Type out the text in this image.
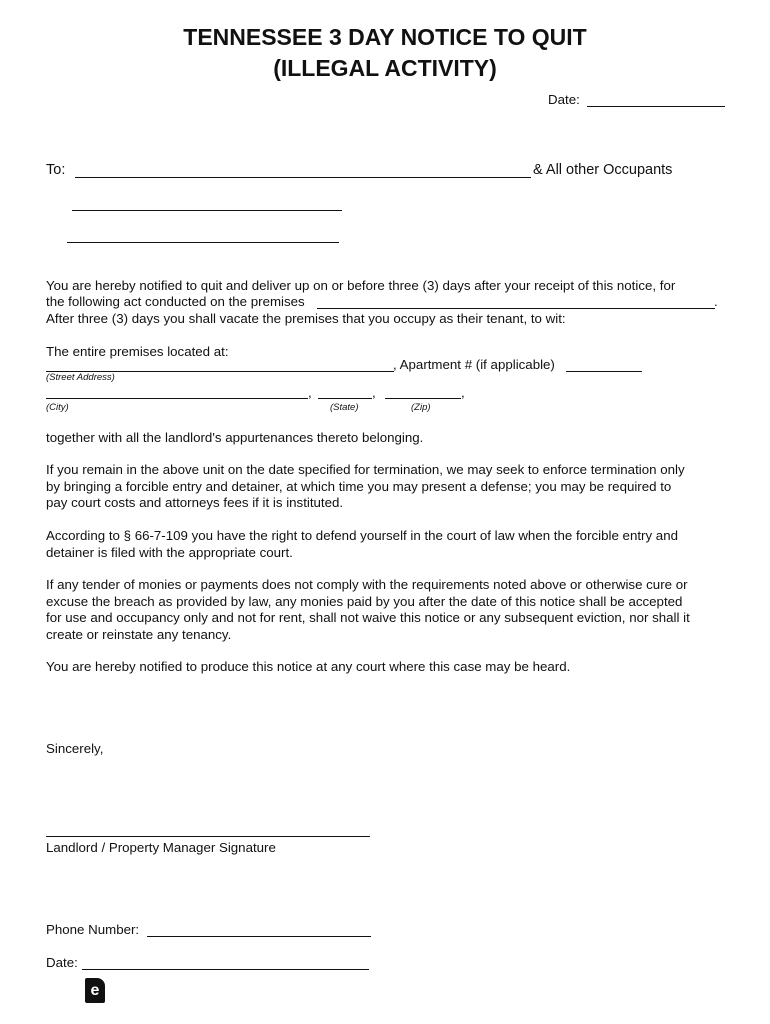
TENNESSEE 3 DAY NOTICE TO QUIT
(ILLEGAL ACTIVITY)
Date:
To:	& All other Occupants
You are hereby notified to quit and deliver up on or before three (3) days after your receipt of this notice, for
the following act conducted on the premises	.
After three (3) days you shall vacate the premises that you occupy as their tenant, to wit:
The entire premises located at:
, Apartment # (if applicable)
(Street Address)
,	,	,
(City)	(State)	(Zip)
together with all the landlord's appurtenances thereto belonging.
If you remain in the above unit on the date specified for termination, we may seek to enforce termination only
by bringing a forcible entry and detainer, at which time you may present a defense; you may be required to
pay court costs and attorneys fees if it is instituted.
According to § 66-7-109 you have the right to defend yourself in the court of law when the forcible entry and
detainer is filed with the appropriate court.
If any tender of monies or payments does not comply with the requirements noted above or otherwise cure or
excuse the breach as provided by law, any monies paid by you after the date of this notice shall be accepted
for use and occupancy only and not for rent, shall not waive this notice or any subsequent eviction, nor shall it
create or reinstate any tenancy.
You are hereby notified to produce this notice at any court where this case may be heard.
Sincerely,
Landlord / Property Manager Signature
Phone Number:
Date:
e
